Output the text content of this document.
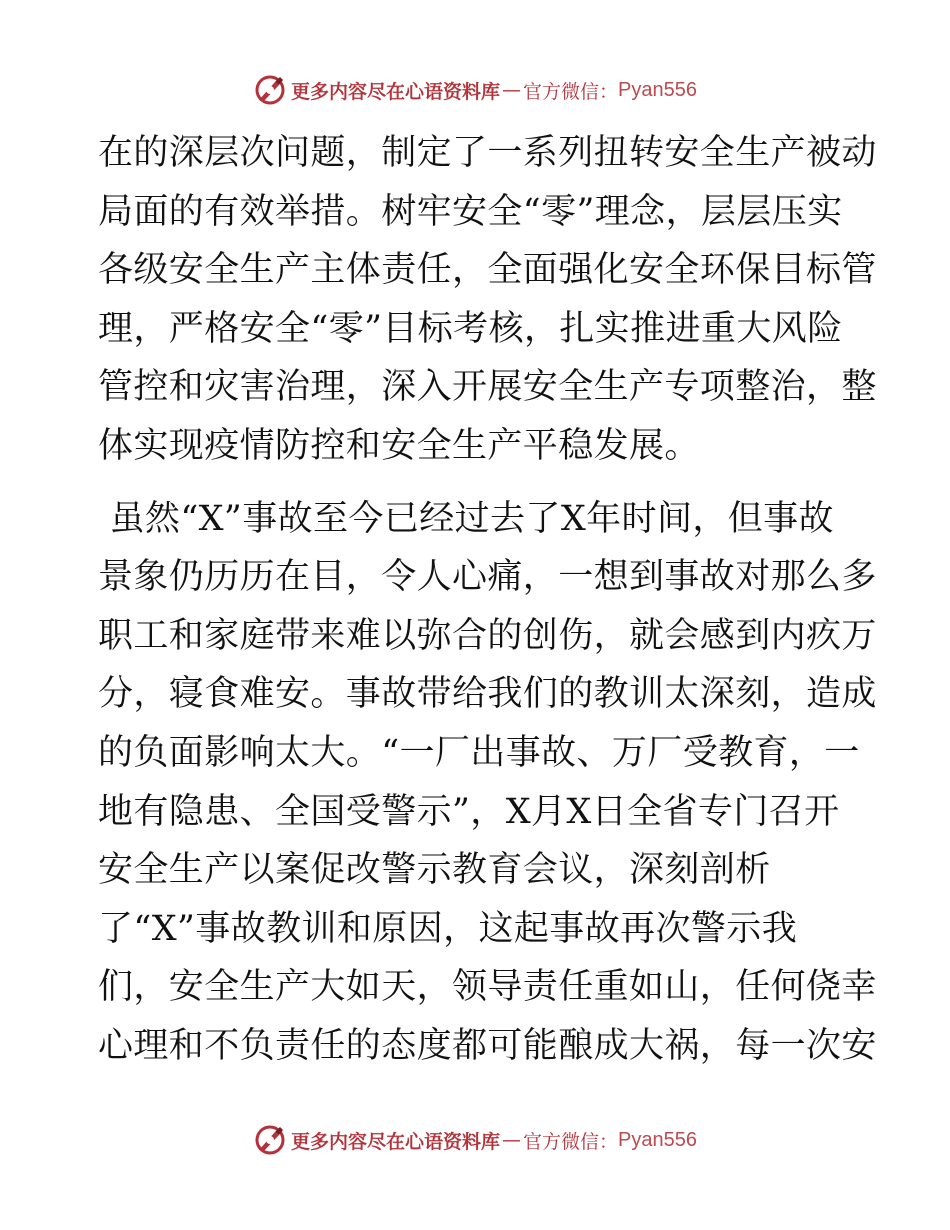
更多内容尽在心语资料库 — 官方微信： Pyan556
在的深层次问题，制定了一系列扭转安全生产被动
局面的有效举措。树牢安全“零”理念，层层压实
各级安全生产主体责任，全面强化安全环保目标管
理，严格安全“零”目标考核，扎实推进重大风险
管控和灾害治理，深入开展安全生产专项整治，整
体实现疫情防控和安全生产平稳发展。
虽然“X”事故至今已经过去了X年时间，但事故
景象仍历历在目，令人心痛，一想到事故对那么多
职工和家庭带来难以弥合的创伤，就会感到内疚万
分，寝食难安。事故带给我们的教训太深刻，造成
的负面影响太大。“一厂出事故、万厂受教育，一
地有隐患、全国受警示”，X月X日全省专门召开
安全生产以案促改警示教育会议，深刻剖析
了“X”事故教训和原因，这起事故再次警示我
们，安全生产大如天，领导责任重如山，任何侥幸
心理和不负责任的态度都可能酿成大祸，每一次安
更多内容尽在心语资料库 — 官方微信： Pyan556
